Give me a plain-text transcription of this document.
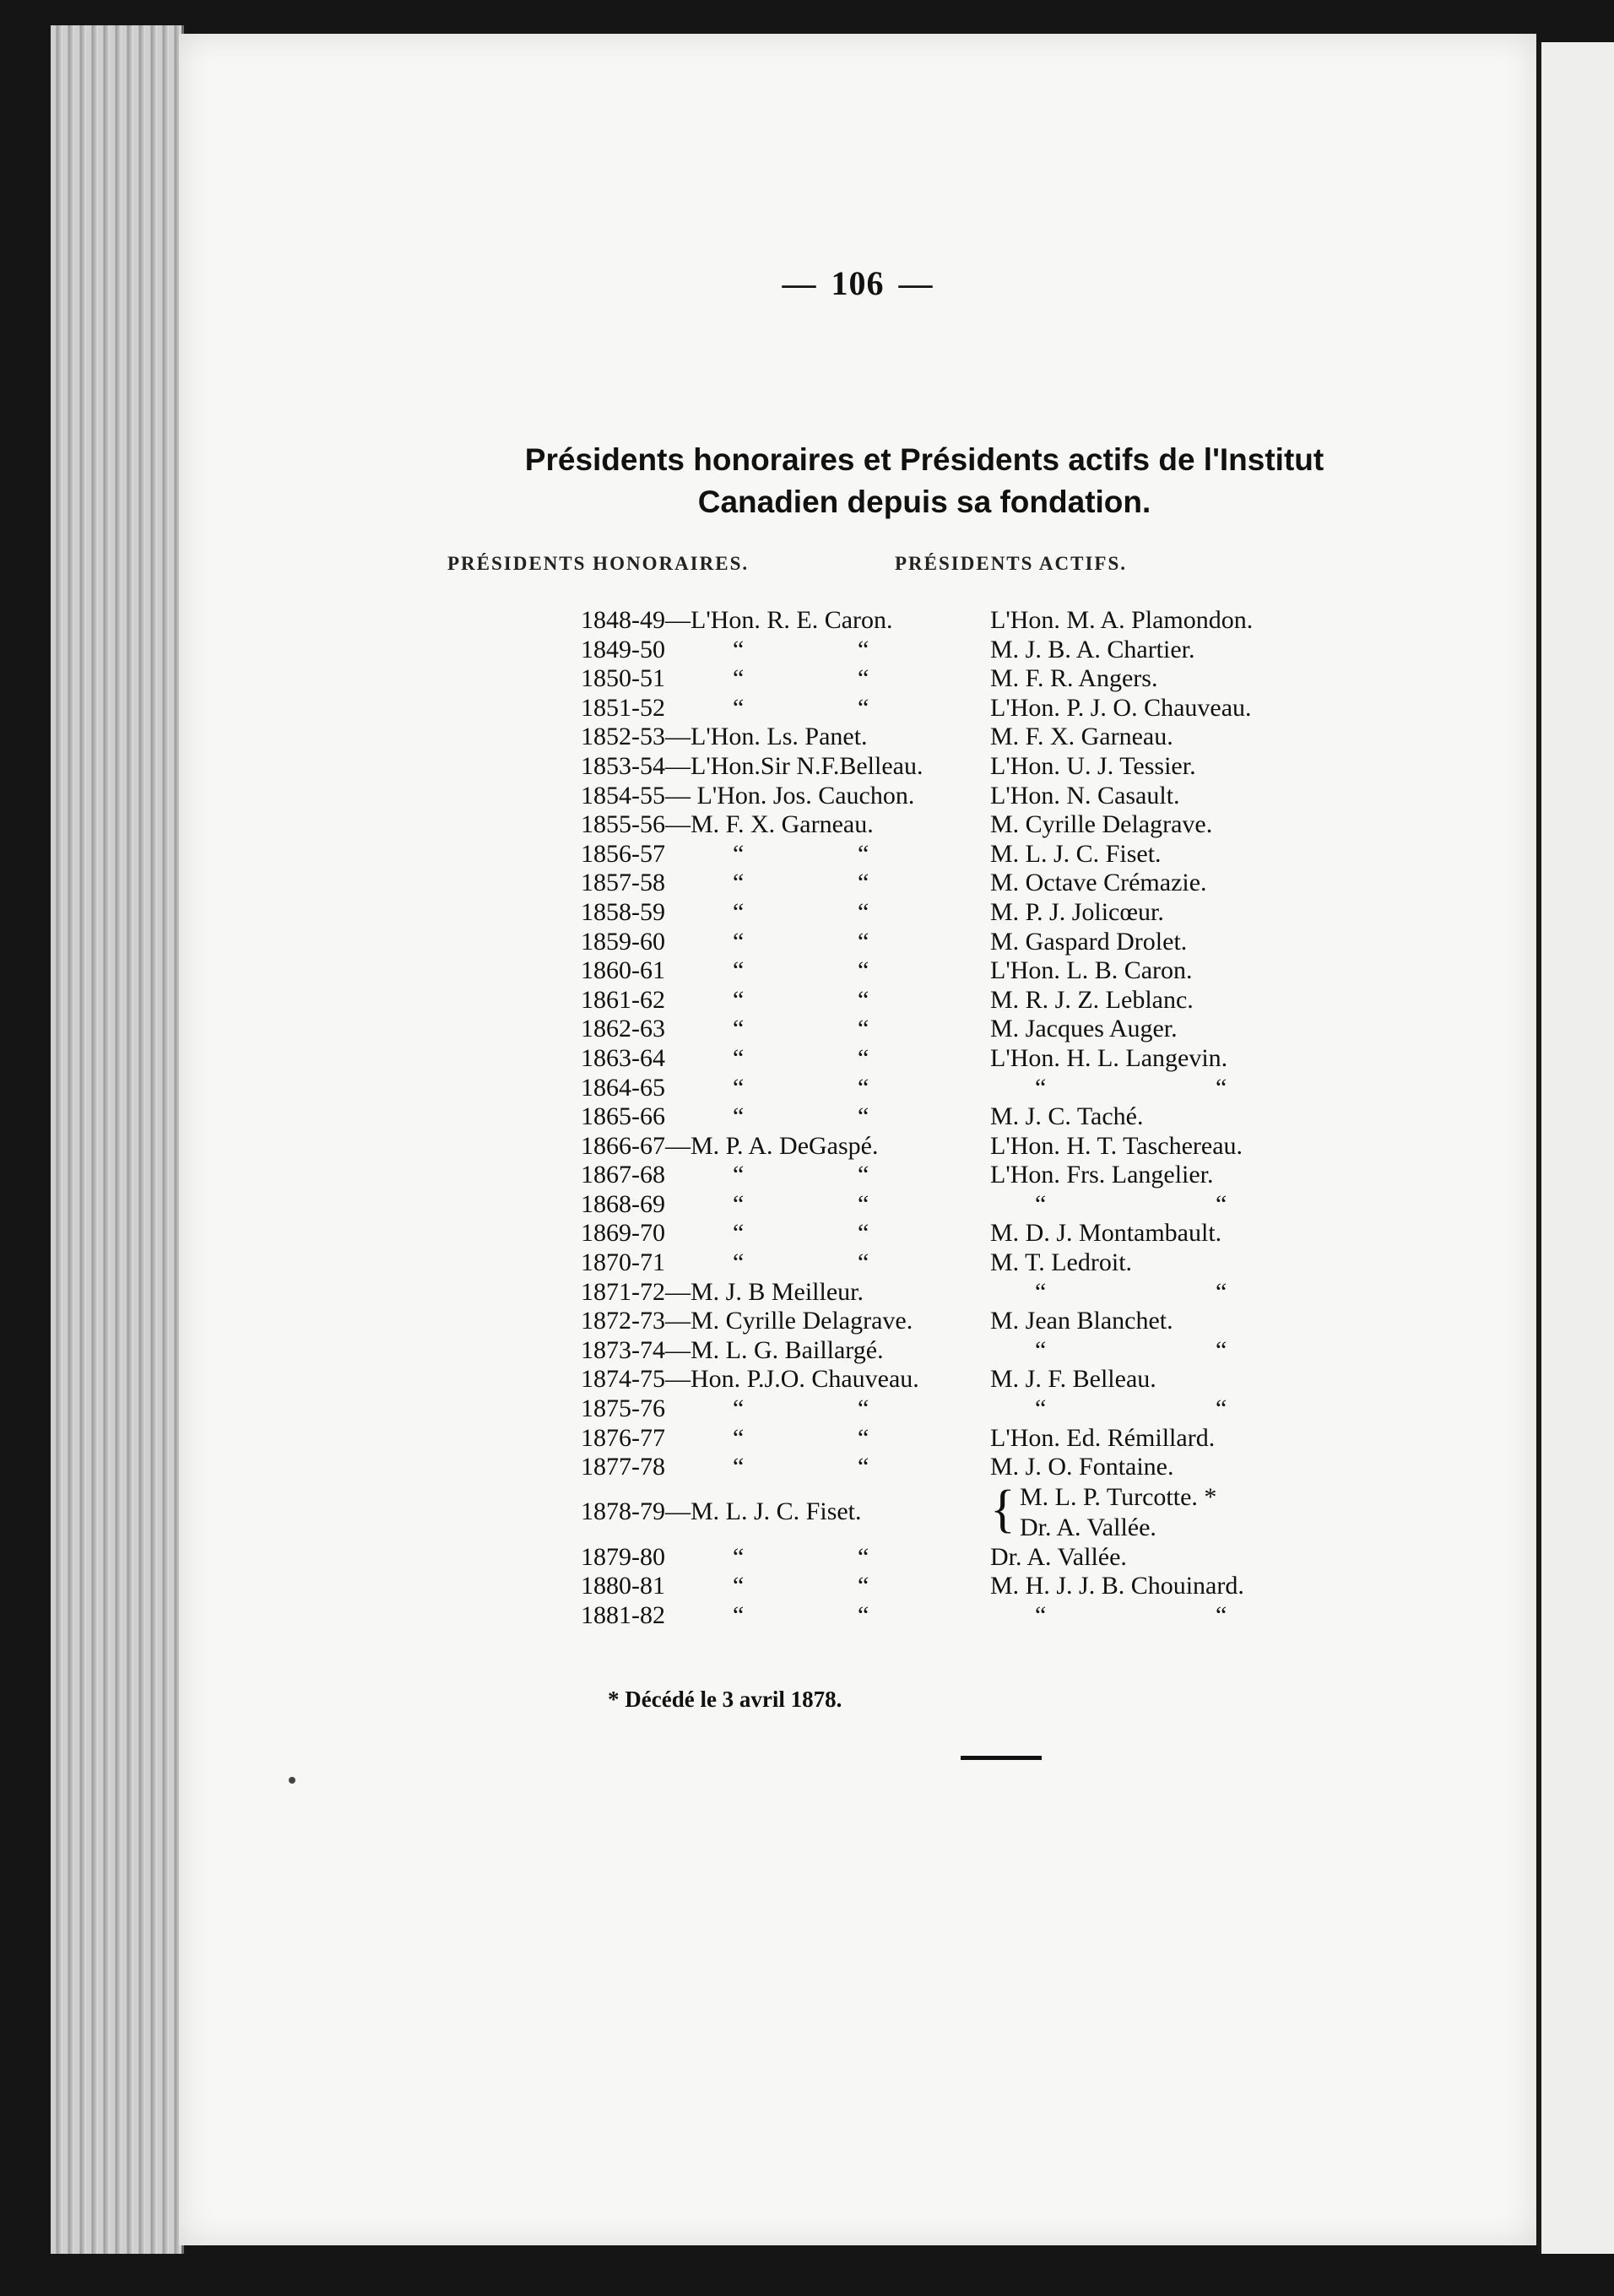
— 106 —
Présidents honoraires et Présidents actifs de l'Institut
Canadien depuis sa fondation.
PRÉSIDENTS HONORAIRES.	PRÉSIDENTS ACTIFS.
1848-49—L'Hon. R. E. Caron.	L'Hon. M. A. Plamondon.
1849-50	“	“	M. J. B. A. Chartier.
1850-51	“	“	M. F. R. Angers.
1851-52	“	“	L'Hon. P. J. O. Chauveau.
1852-53—L'Hon. Ls. Panet.	M. F. X. Garneau.
1853-54—L'Hon.Sir N.F.Belleau.	L'Hon. U. J. Tessier.
1854-55— L'Hon. Jos. Cauchon.	L'Hon. N. Casault.
1855-56—M. F. X. Garneau.	M. Cyrille Delagrave.
1856-57	“	“	M. L. J. C. Fiset.
1857-58	“	“	M. Octave Crémazie.
1858-59	“	“	M. P. J. Jolicœur.
1859-60	“	“	M. Gaspard Drolet.
1860-61	“	“	L'Hon. L. B. Caron.
1861-62	“	“	M. R. J. Z. Leblanc.
1862-63	“	“	M. Jacques Auger.
1863-64	“	“	L'Hon. H. L. Langevin.
1864-65	“	“	“	“
1865-66	“	“	M. J. C. Taché.
1866-67—M. P. A. DeGaspé.	L'Hon. H. T. Taschereau.
1867-68	“	“	L'Hon. Frs. Langelier.
1868-69	“	“	“	“
1869-70	“	“	M. D. J. Montambault.
1870-71	“	“	M. T. Ledroit.
1871-72—M. J. B Meilleur.	“	“
1872-73—M. Cyrille Delagrave.	M. Jean Blanchet.
1873-74—M. L. G. Baillargé.	“	“
1874-75—Hon. P.J.O. Chauveau.	M. J. F. Belleau.
1875-76	“	“	“	“
1876-77	“	“	L'Hon. Ed. Rémillard.
1877-78	“	“	M. J. O. Fontaine.
1878-79—M. L. J. C. Fiset. { M. L. P. Turcotte. *
Dr. A. Vallée.
1879-80	“	“	Dr. A. Vallée.
1880-81	“	“	M. H. J. J. B. Chouinard.
1881-82	“	“	“	“
* Décédé le 3 avril 1878.
